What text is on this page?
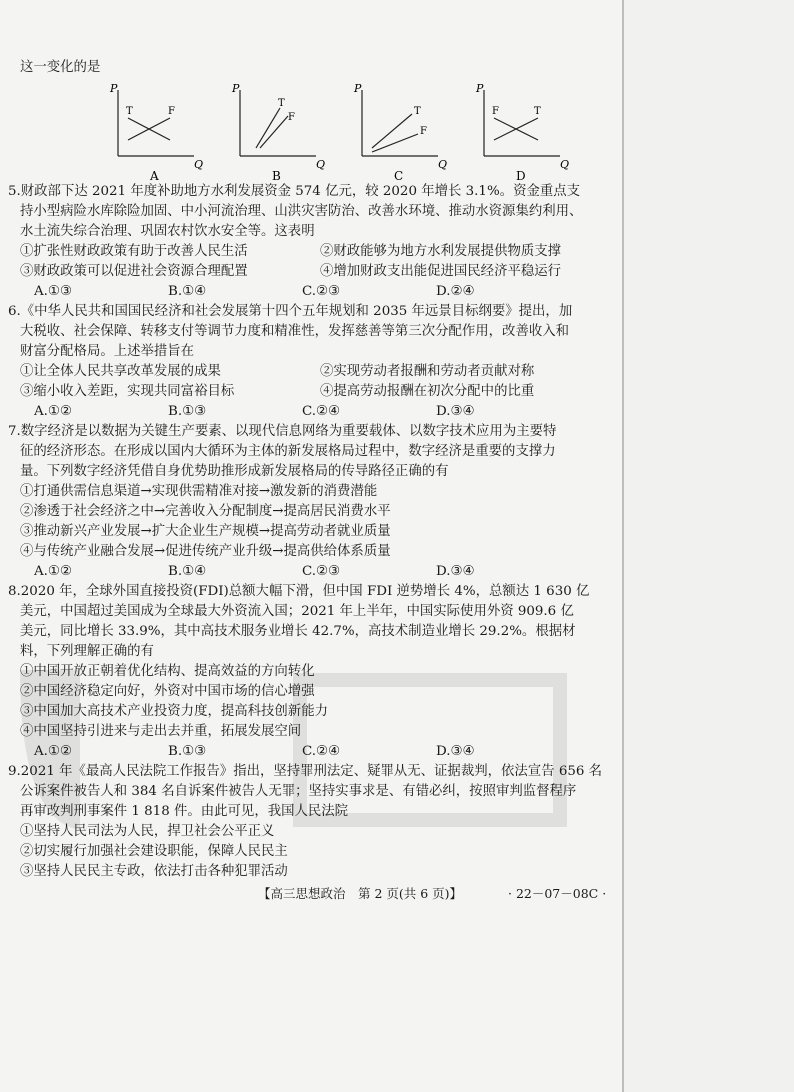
这一变化的是
P
Q
T	F
A
P
Q
T
F
B
P
Q
T
F
C
F	T
P
Q
D
5.财政部下达 2021 年度补助地方水利发展资金 574 亿元，较 2020 年增长 3.1%。资金重点支
持小型病险水库除险加固、中小河流治理、山洪灾害防治、改善水环境、推动水资源集约利用、
水土流失综合治理、巩固农村饮水安全等。这表明
①扩张性财政政策有助于改善人民生活	②财政能够为地方水利发展提供物质支撑
③财政政策可以促进社会资源合理配置	④增加财政支出能促进国民经济平稳运行
A.①③	B.①④	C.②③	D.②④
6.《中华人民共和国国民经济和社会发展第十四个五年规划和 2035 年远景目标纲要》提出，加
大税收、社会保障、转移支付等调节力度和精准性，发挥慈善等第三次分配作用，改善收入和
财富分配格局。上述举措旨在
①让全体人民共享改革发展的成果	②实现劳动者报酬和劳动者贡献对称
③缩小收入差距，实现共同富裕目标	④提高劳动报酬在初次分配中的比重
A.①②	B.①③	C.②④	D.③④
7.数字经济是以数据为关键生产要素、以现代信息网络为重要载体、以数字技术应用为主要特
征的经济形态。在形成以国内大循环为主体的新发展格局过程中，数字经济是重要的支撑力
量。下列数字经济凭借自身优势助推形成新发展格局的传导路径正确的有
①打通供需信息渠道→实现供需精准对接→激发新的消费潜能
②渗透于社会经济之中→完善收入分配制度→提高居民消费水平
③推动新兴产业发展→扩大企业生产规模→提高劳动者就业质量
④与传统产业融合发展→促进传统产业升级→提高供给体系质量
A.①②	B.①④	C.②③	D.③④
8.2020 年，全球外国直接投资(FDI)总额大幅下滑，但中国 FDI 逆势增长 4%，总额达 1 630 亿
美元，中国超过美国成为全球最大外资流入国；2021 年上半年，中国实际使用外资 909.6 亿
美元，同比增长 33.9%，其中高技术服务业增长 42.7%，高技术制造业增长 29.2%。根据材
料，下列理解正确的有
①中国开放正朝着优化结构、提高效益的方向转化
②中国经济稳定向好，外资对中国市场的信心增强
③中国加大高技术产业投资力度，提高科技创新能力
④中国坚持引进来与走出去并重，拓展发展空间
A.①②	B.①③	C.②④	D.③④
9.2021 年《最高人民法院工作报告》指出，坚持罪刑法定、疑罪从无、证据裁判，依法宣告 656 名
公诉案件被告人和 384 名自诉案件被告人无罪；坚持实事求是、有错必纠，按照审判监督程序
再审改判刑事案件 1 818 件。由此可见，我国人民法院
①坚持人民司法为人民，捍卫社会公平正义
②切实履行加强社会建设职能，保障人民民主
③坚持人民民主专政，依法打击各种犯罪活动
【高三思想政治　第 2 页(共 6 页)】	· 22－07－08C ·
